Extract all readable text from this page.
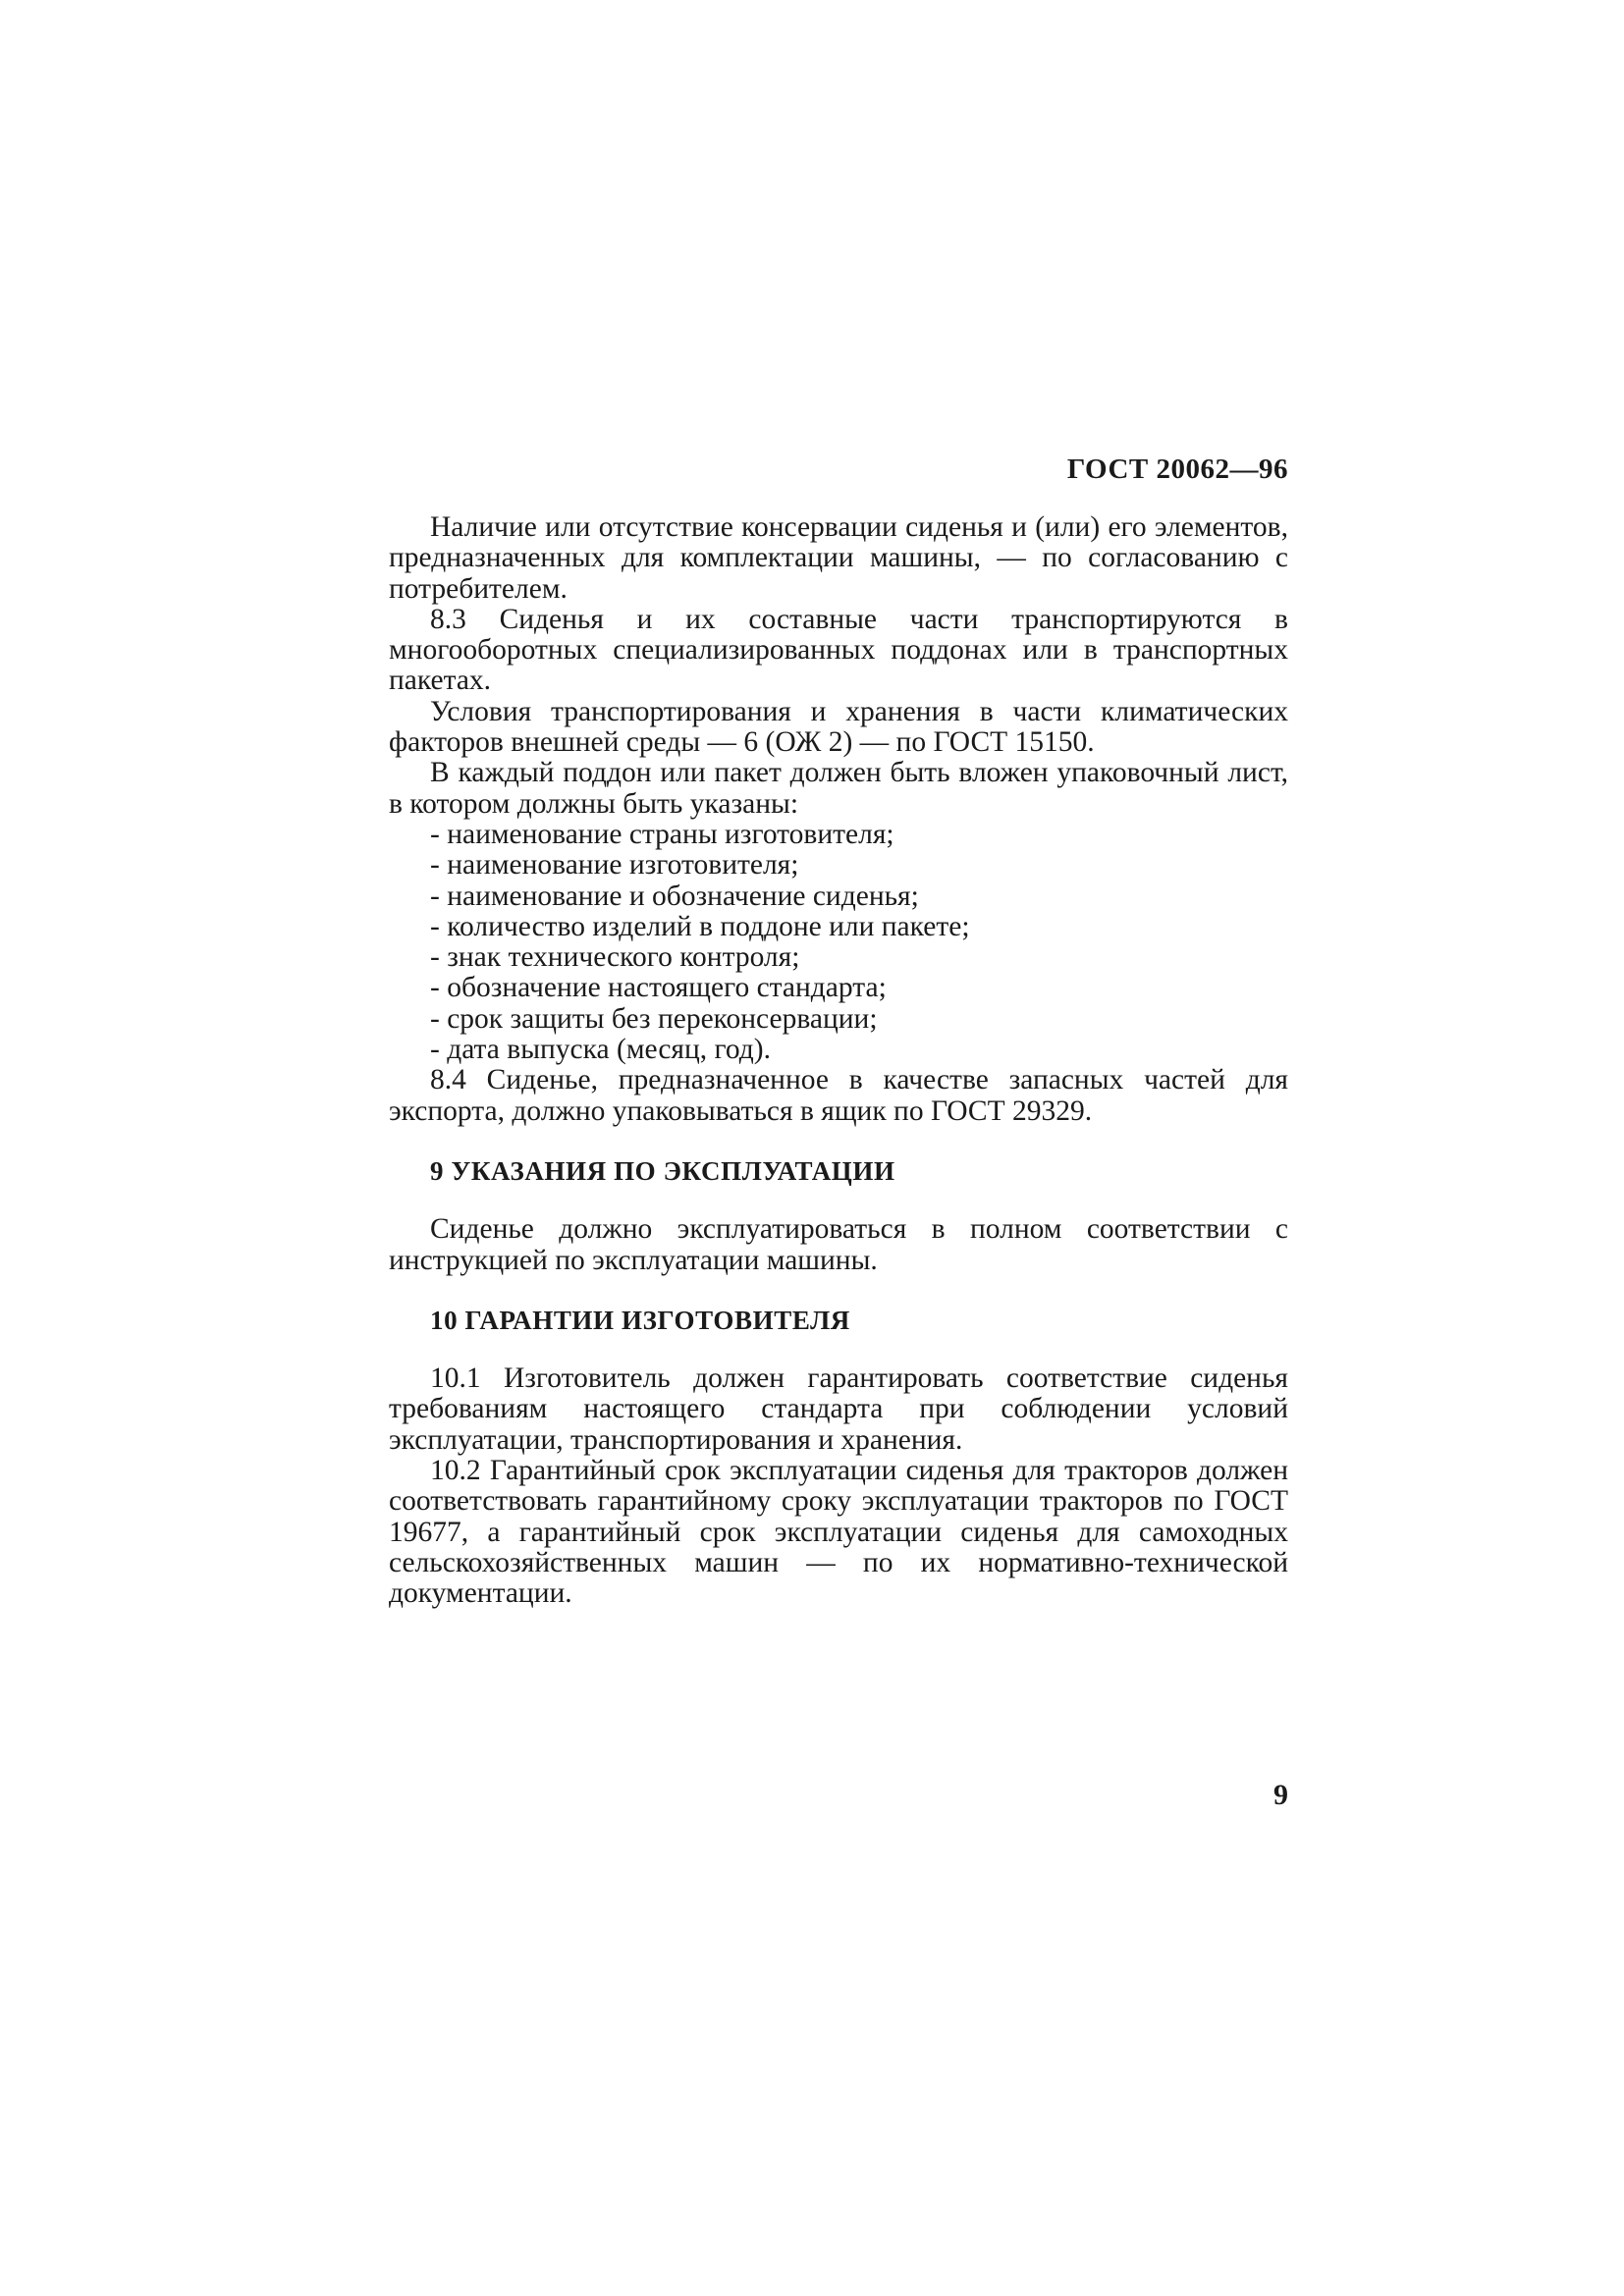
ГОСТ 20062—96

Наличие или отсутствие консервации сиденья и (или) его элементов, предназначенных для комплектации машины, — по согласованию с потребителем.

8.3 Сиденья и их составные части транспортируются в многооборотных специализированных поддонах или в транспортных пакетах.

Условия транспортирования и хранения в части климатических факторов внешней среды — 6 (ОЖ 2) — по ГОСТ 15150.

В каждый поддон или пакет должен быть вложен упаковочный лист, в котором должны быть указаны:

- наименование страны изготовителя;
- наименование изготовителя;
- наименование и обозначение сиденья;
- количество изделий в поддоне или пакете;
- знак технического контроля;
- обозначение настоящего стандарта;
- срок защиты без переконсервации;
- дата выпуска (месяц, год).

8.4 Сиденье, предназначенное в качестве запасных частей для экспорта, должно упаковываться в ящик по ГОСТ 29329.

9 УКАЗАНИЯ ПО ЭКСПЛУАТАЦИИ

Сиденье должно эксплуатироваться в полном соответствии с инструкцией по эксплуатации машины.

10 ГАРАНТИИ ИЗГОТОВИТЕЛЯ

10.1 Изготовитель должен гарантировать соответствие сиденья требованиям настоящего стандарта при соблюдении условий эксплуатации, транспортирования и хранения.

10.2 Гарантийный срок эксплуатации сиденья для тракторов должен соответствовать гарантийному сроку эксплуатации тракторов по ГОСТ 19677, а гарантийный срок эксплуатации сиденья для самоходных сельскохозяйственных машин — по их нормативно-технической документации.

9
